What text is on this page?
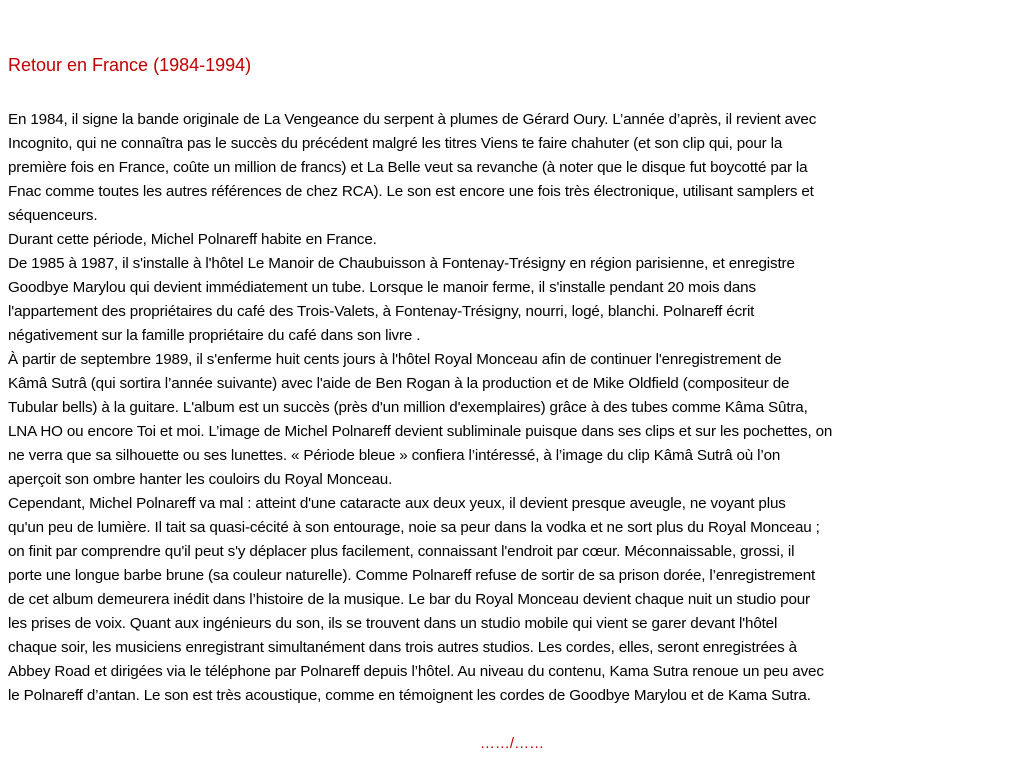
Retour en France (1984-1994)
En 1984, il signe la bande originale de La Vengeance du serpent à plumes de Gérard Oury. L’année d’après, il revient avec
Incognito, qui ne connaîtra pas le succès du précédent malgré les titres Viens te faire chahuter (et son clip qui, pour la
première fois en France, coûte un million de francs) et La Belle veut sa revanche (à noter que le disque fut boycotté par la
Fnac comme toutes les autres références de chez RCA). Le son est encore une fois très électronique, utilisant samplers et
séquenceurs.
Durant cette période, Michel Polnareff habite en France.
De 1985 à 1987, il s'installe à l'hôtel Le Manoir de Chaubuisson à Fontenay-Trésigny en région parisienne, et enregistre
Goodbye Marylou qui devient immédiatement un tube. Lorsque le manoir ferme, il s'installe pendant 20 mois dans
l'appartement des propriétaires du café des Trois-Valets, à Fontenay-Trésigny, nourri, logé, blanchi. Polnareff écrit
négativement sur la famille propriétaire du café dans son livre .
À partir de septembre 1989, il s'enferme huit cents jours à l'hôtel Royal Monceau afin de continuer l'enregistrement de
Kâmâ Sutrâ (qui sortira l’année suivante) avec l'aide de Ben Rogan à la production et de Mike Oldfield (compositeur de
Tubular bells) à la guitare. L'album est un succès (près d'un million d'exemplaires) grâce à des tubes comme Kâma Sûtra,
LNA HO ou encore Toi et moi. L’image de Michel Polnareff devient subliminale puisque dans ses clips et sur les pochettes, on
ne verra que sa silhouette ou ses lunettes. « Période bleue » confiera l’intéressé, à l’image du clip Kâmâ Sutrâ où l’on
aperçoit son ombre hanter les couloirs du Royal Monceau.
Cependant, Michel Polnareff va mal : atteint d'une cataracte aux deux yeux, il devient presque aveugle, ne voyant plus
qu'un peu de lumière. Il tait sa quasi-cécité à son entourage, noie sa peur dans la vodka et ne sort plus du Royal Monceau ;
on finit par comprendre qu'il peut s'y déplacer plus facilement, connaissant l'endroit par cœur. Méconnaissable, grossi, il
porte une longue barbe brune (sa couleur naturelle). Comme Polnareff refuse de sortir de sa prison dorée, l’enregistrement
de cet album demeurera inédit dans l’histoire de la musique. Le bar du Royal Monceau devient chaque nuit un studio pour
les prises de voix. Quant aux ingénieurs du son, ils se trouvent dans un studio mobile qui vient se garer devant l'hôtel
chaque soir, les musiciens enregistrant simultanément dans trois autres studios. Les cordes, elles, seront enregistrées à
Abbey Road et dirigées via le téléphone par Polnareff depuis l’hôtel. Au niveau du contenu, Kama Sutra renoue un peu avec
le Polnareff d’antan. Le son est très acoustique, comme en témoignent les cordes de Goodbye Marylou et de Kama Sutra.
……/……
